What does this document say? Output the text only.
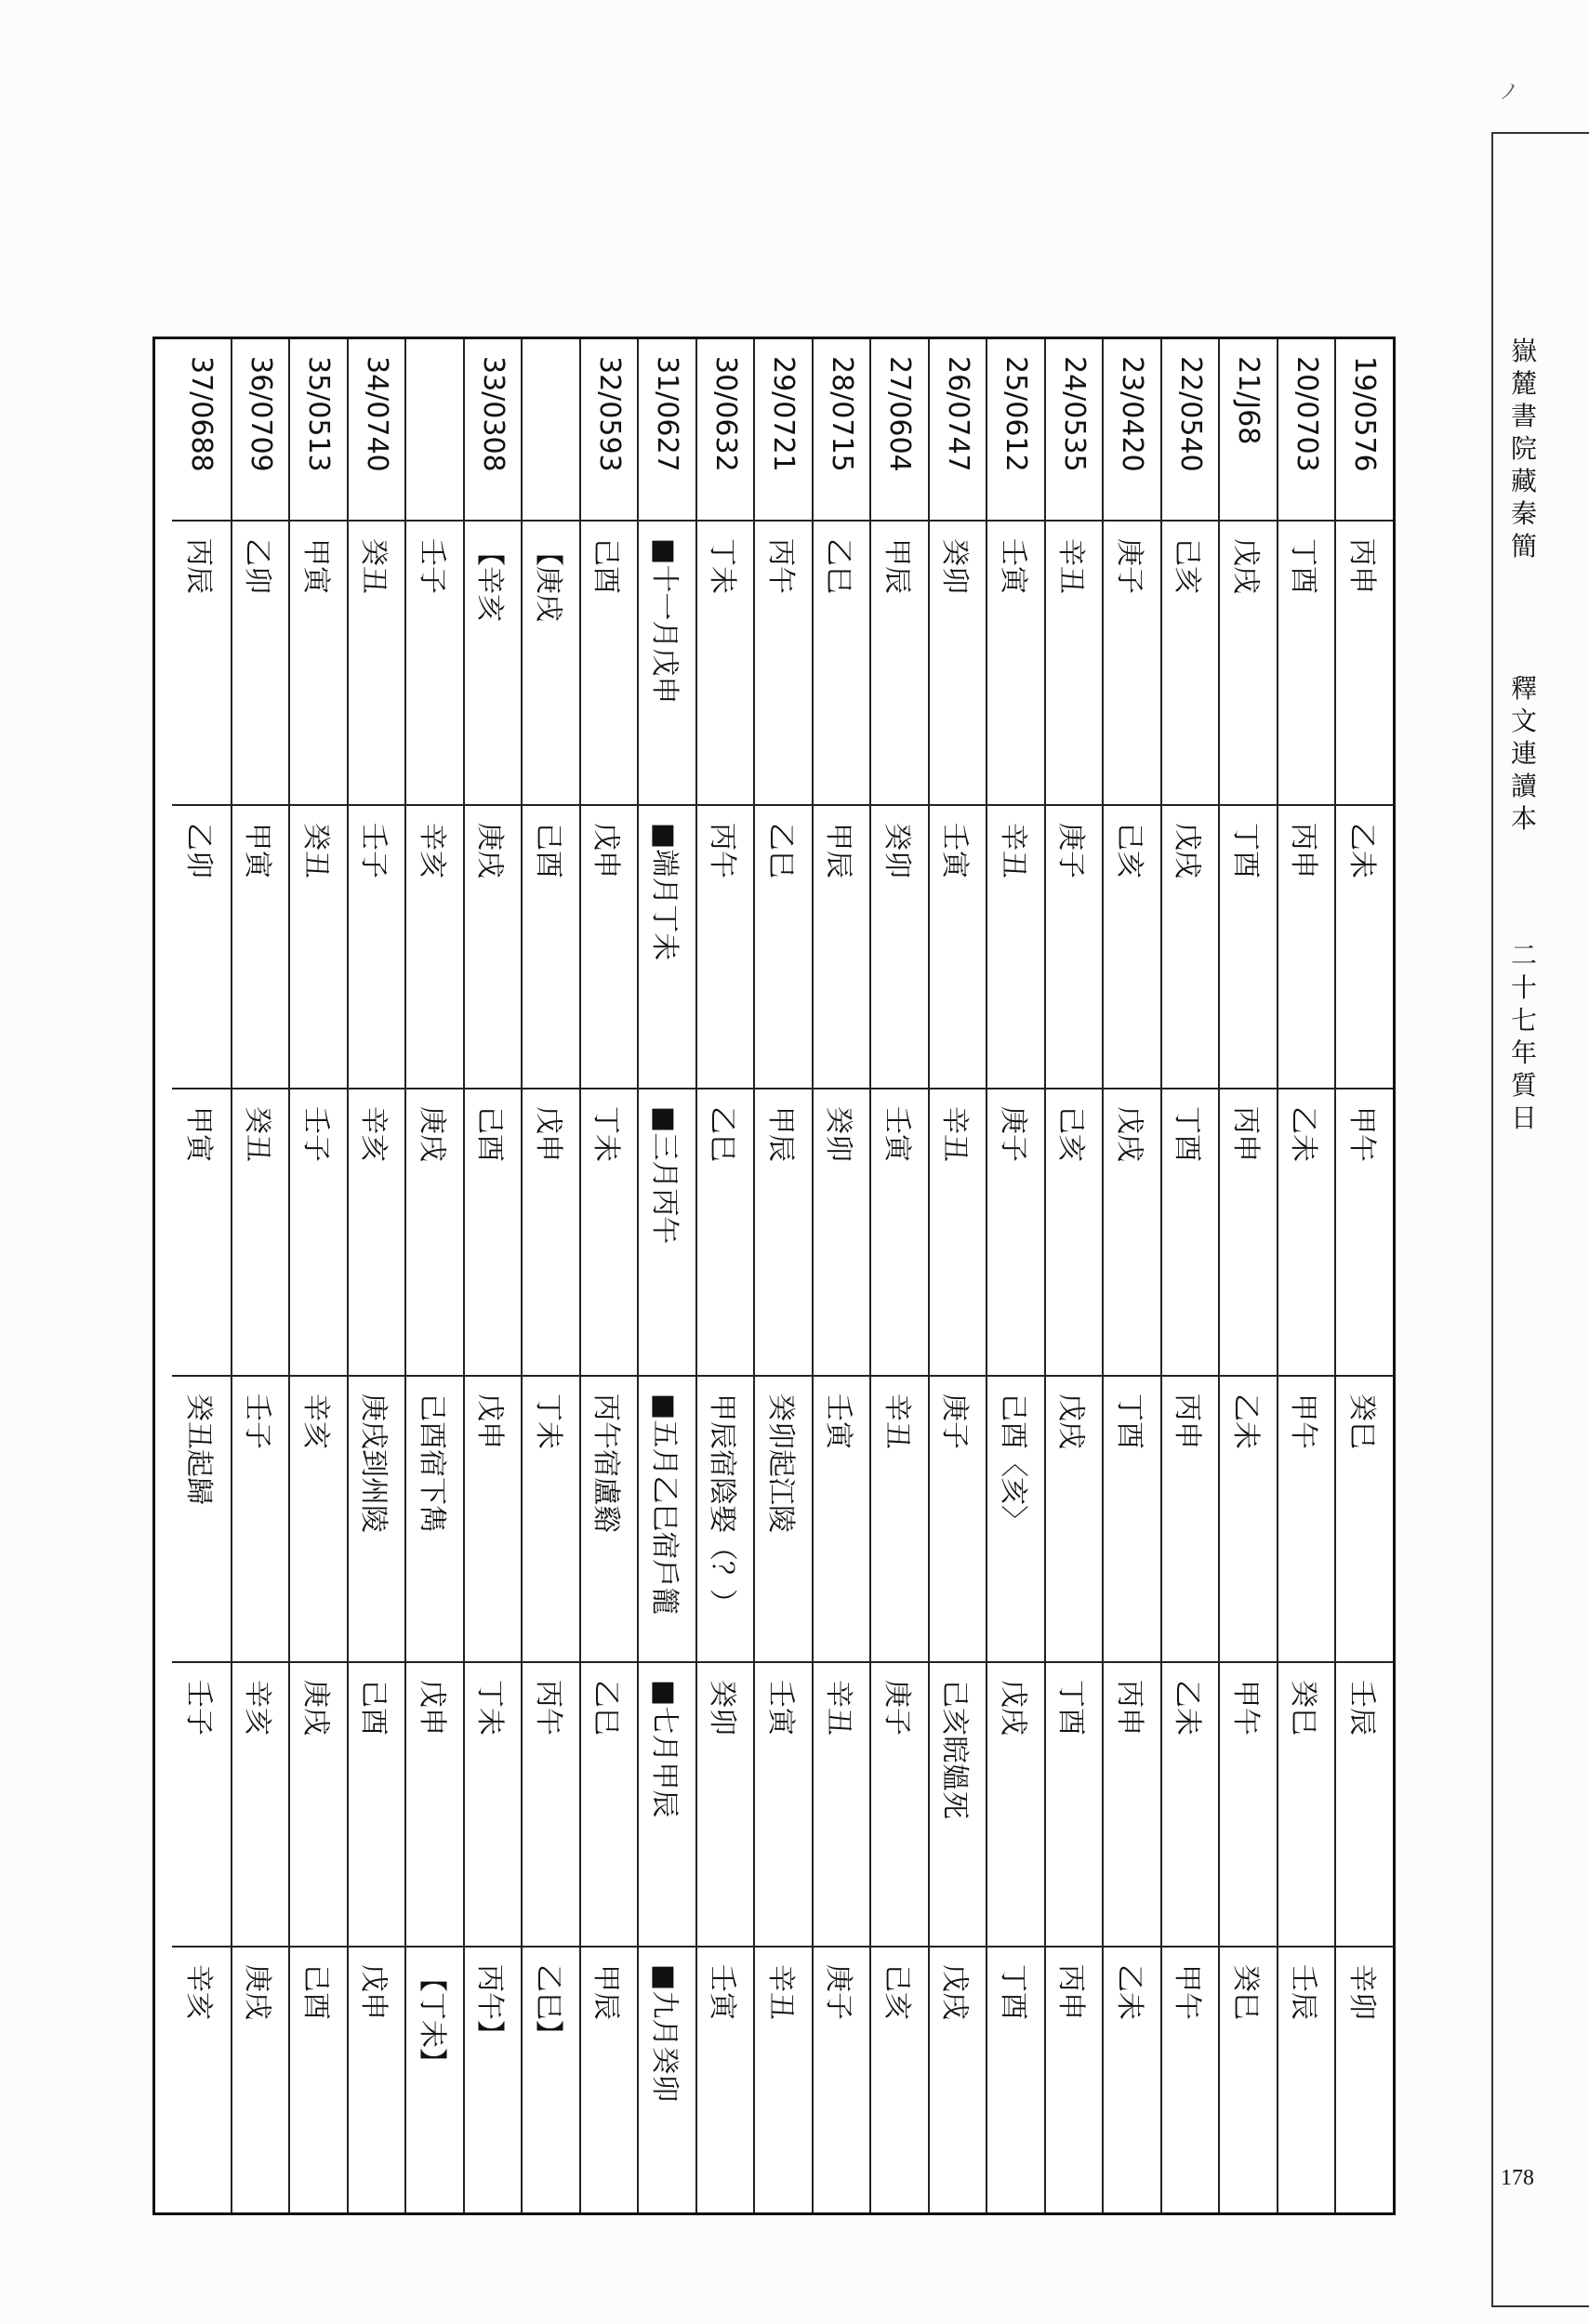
ノ
嶽麓書院藏秦簡
釋文連讀本
二十七年質日
178
19/0576
丙申
乙未
甲午
癸巳
壬辰
辛卯
20/0703
丁酉
丙申
乙未
甲午
癸巳
壬辰
21/J68
戊戌
丁酉
丙申
乙未
甲午
癸巳
22/0540
己亥
戊戌
丁酉
丙申
乙未
甲午
23/0420
庚子
己亥
戊戌
丁酉
丙申
乙未
24/0535
辛丑
庚子
己亥
戊戌
丁酉
丙申
25/0612
壬寅
辛丑
庚子
己酉〈亥〉
戊戌
丁酉
26/0747
癸卯
壬寅
辛丑
庚子
己亥睆媼死
戊戌
27/0604
甲辰
癸卯
壬寅
辛丑
庚子
己亥
28/0715
乙巳
甲辰
癸卯
壬寅
辛丑
庚子
29/0721
丙午
乙巳
甲辰
癸卯起江陵
壬寅
辛丑
30/0632
丁未
丙午
乙巳
甲辰宿陰娶（？）
癸卯
壬寅
31/0627
■十一月戊申
■端月丁未
■三月丙午
■五月乙巳宿戶籠
■七月甲辰
■九月癸卯
32/0593
己酉
戊申
丁未
丙午宿盧谿
乙巳
甲辰
【庚戌
己酉
戊申
丁未
丙午
乙巳】
33/0308
【辛亥
庚戌
己酉
戊申
丁未
丙午】
壬子
辛亥
庚戌
己酉宿下雋
戊申
【丁未】
34/0740
癸丑
壬子
辛亥
庚戌到州陵
己酉
戊申
35/0513
甲寅
癸丑
壬子
辛亥
庚戌
己酉
36/0709
乙卯
甲寅
癸丑
壬子
辛亥
庚戌
37/0688
丙辰
乙卯
甲寅
癸丑起歸
壬子
辛亥
